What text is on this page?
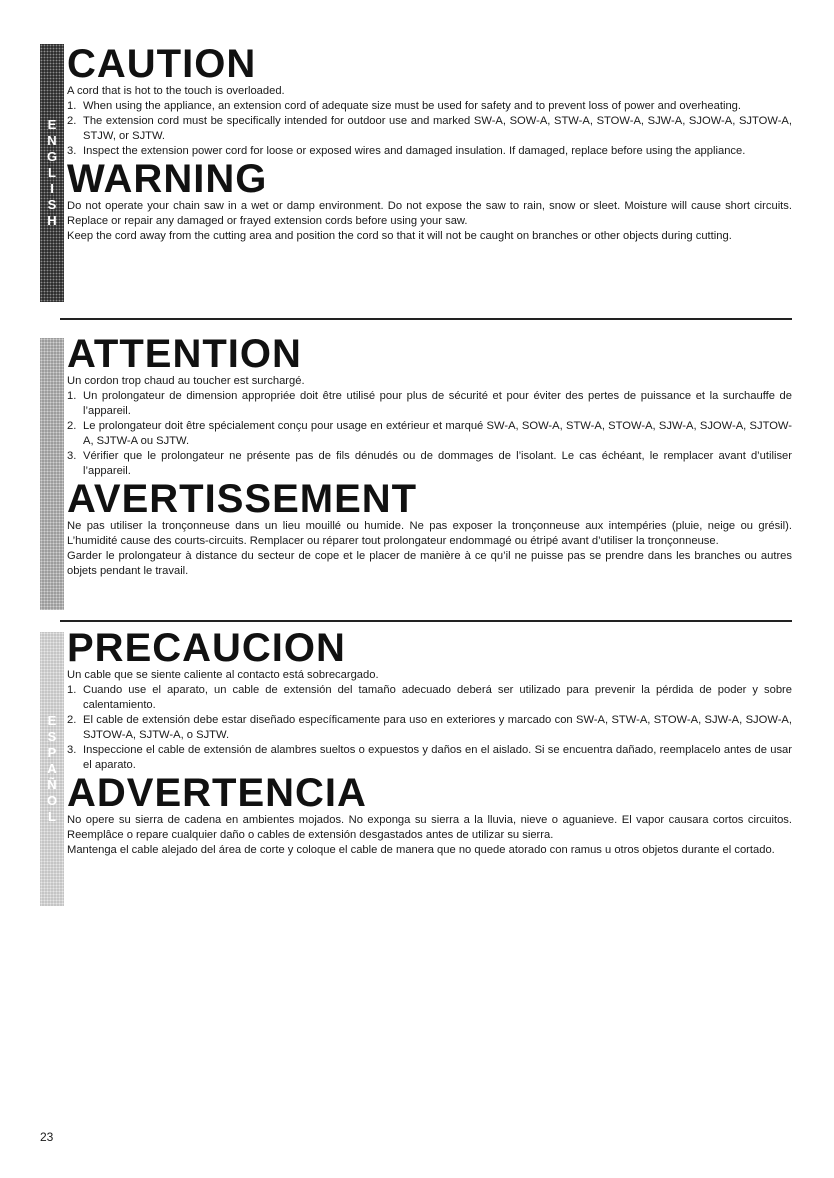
E
N
G
L
I
S
H
CAUTION

A cord that is hot to the touch is overloaded.

1. When using the appliance, an extension cord of adequate size must be used for safety and to prevent loss of power and overheating.
2. The extension cord must be specifically intended for outdoor use and marked SW-A, SOW-A, STW-A, STOW-A, SJW-A, SJOW-A, SJTOW-A, STJW, or SJTW.
3. Inspect the extension power cord for loose or exposed wires and damaged insulation. If damaged, replace before using the appliance.
WARNING

Do not operate your chain saw in a wet or damp environment. Do not expose the saw to rain, snow or sleet. Moisture will cause short circuits. Replace or repair any damaged or frayed extension cords before using your saw.

Keep the cord away from the cutting area and position the cord so that it will not be caught on branches or other objects during cutting.

ATTENTION

Un cordon trop chaud au toucher est surchargé.

1. Un prolongateur de dimension appropriée doit être utilisé pour plus de sécurité et pour éviter des pertes de puissance et la surchauffe de l’appareil.
2. Le prolongateur doit être spécialement conçu pour usage en extérieur et marqué SW-A, SOW-A, STW-A, STOW-A, SJW-A, SJOW-A, SJTOW-A, SJTW-A ou SJTW.
3. Vérifier que le prolongateur ne présente pas de fils dénudés ou de dommages de l’isolant. Le cas échéant, le remplacer avant d’utiliser l’appareil.
AVERTISSEMENT

Ne pas utiliser la tronçonneuse dans un lieu mouillé ou humide. Ne pas exposer la tronçonneuse aux intempéries (pluie, neige ou grésil). L’humidité cause des courts-circuits. Remplacer ou réparer tout prolongateur endommagé ou étripé avant d’utiliser la tronçonneuse.

Garder le prolongateur à distance du secteur de cope et le placer de manière à ce qu’il ne puisse pas se prendre dans les branches ou autres objets pendant le travail.

E
S
P
A
Ñ
O
L
PRECAUCION

Un cable que se siente caliente al contacto está sobrecargado.

1. Cuando use el aparato, un cable de extensión del tamaño adecuado deberá ser utilizado para prevenir la pérdida de poder y sobre calentamiento.
2. El cable de extensión debe estar diseñado específicamente para uso en exteriores y marcado con SW-A, STW-A, STOW-A, SJW-A, SJOW-A, SJTOW-A, SJTW-A, o SJTW.
3. Inspeccione el cable de extensión de alambres sueltos o expuestos y daños en el aislado. Si se encuentra dañado, reemplacelo antes de usar el aparato.
ADVERTENCIA

No opere su sierra de cadena en ambientes mojados. No exponga su sierra a la lluvia, nieve o aguanieve. El vapor causara cortos circuitos. Reemplâce o repare cualquier daño o cables de extensión desgastados antes de utilizar su sierra.

Mantenga el cable alejado del área de corte y coloque el cable de manera que no quede atorado con ramus u otros objetos durante el cortado.

23
